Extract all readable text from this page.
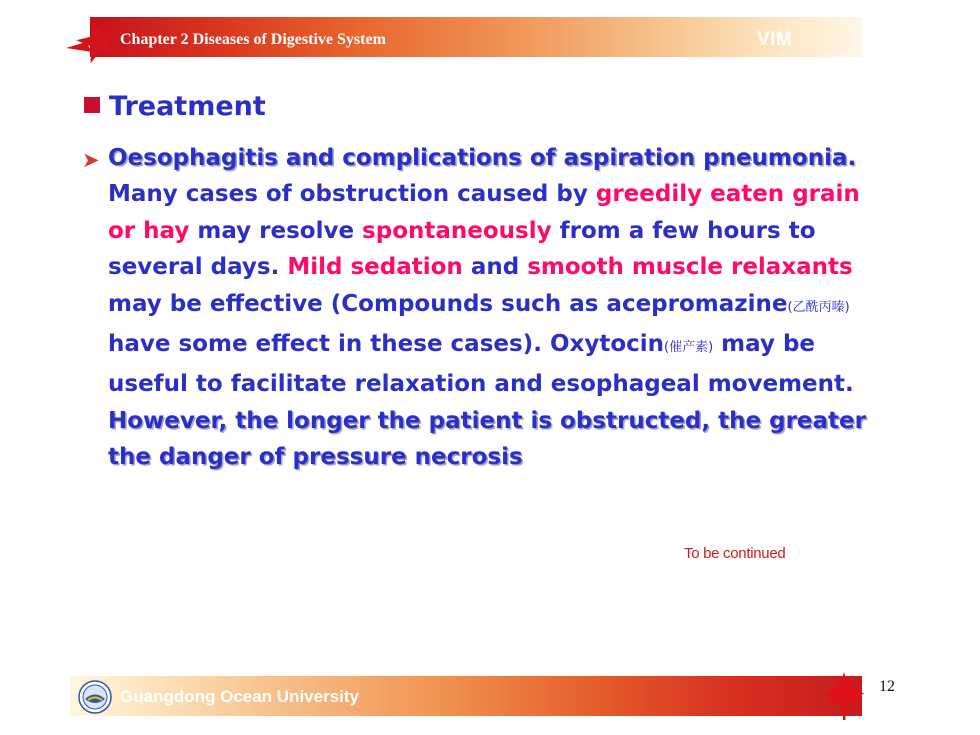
Chapter 2 Diseases of Digestive System	VIM
Treatment
➤ Oesophagitis and complications of aspiration pneumonia. Many cases of obstruction caused by greedily eaten grain or hay may resolve spontaneously from a few hours to several days. Mild sedation and smooth muscle relaxants may be effective (Compounds such as acepromazine(乙酰丙嗪) have some effect in these cases). Oxytocin(催产素) may be useful to facilitate relaxation and esophageal movement. However, the longer the patient is obstructed, the greater the danger of pressure necrosis

To be continued
Guangdong Ocean University
12
